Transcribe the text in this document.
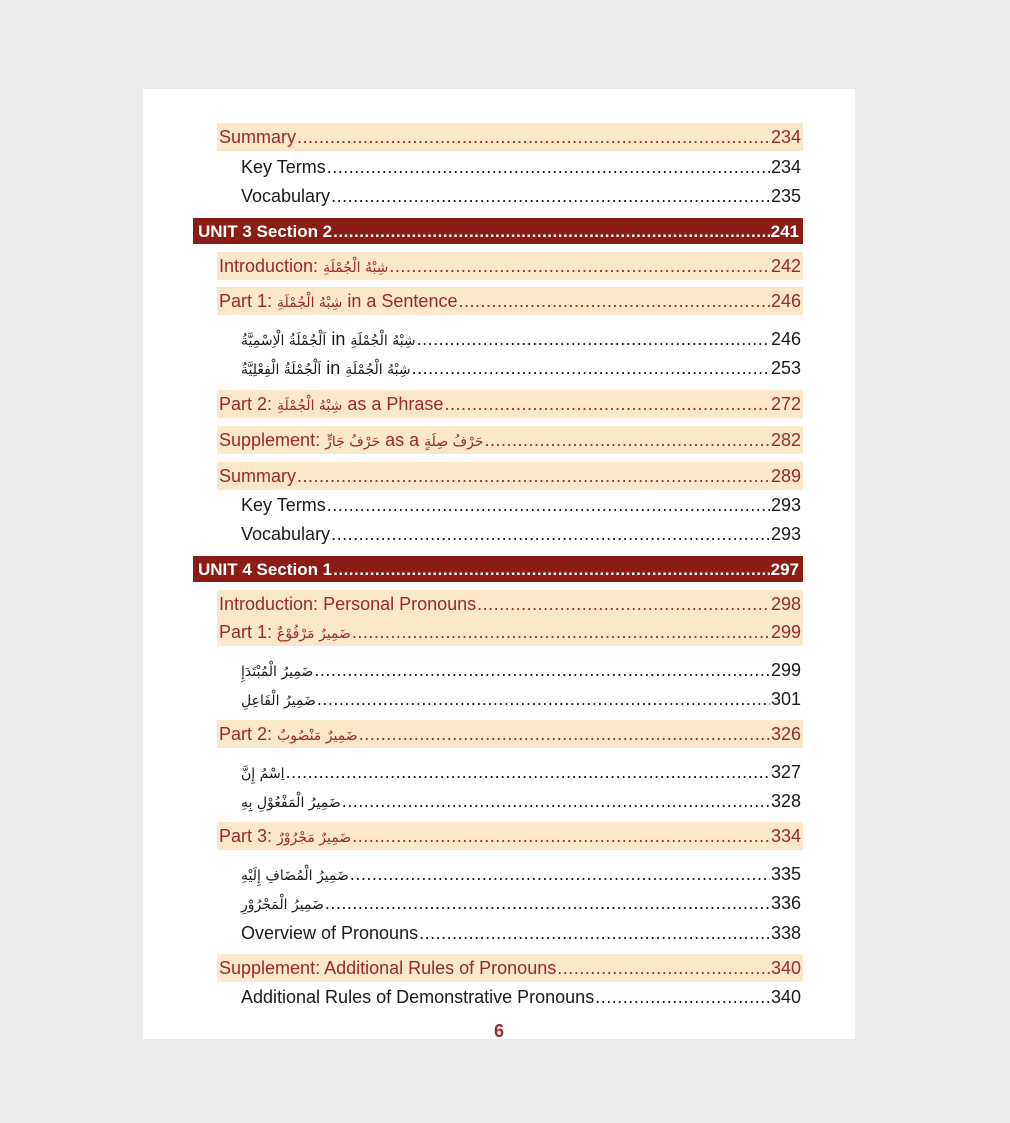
Summary .....	234
Key Terms .....	234
Vocabulary .....	235
UNIT 3 Section 2 .....	241
Introduction: شِبْهُ الْجُمْلَةِ .....	242
Part 1: شِبْهُ الْجُمْلَةِ in a Sentence .....	246
اَلْجُمْلَةُ الْاِسْمِيَّةُ in شِبْهُ الْجُمْلَةِ .....	246
اَلْجُمْلَةُ الْفِعْلِيَّةُ in شِبْهُ الْجُمْلَةِ .....	253
Part 2: شِبْهُ الْجُمْلَةِ as a Phrase .....	272
Supplement: حَرْفُ جَارٍّ as a حَرْفُ صِلَةٍ .....	282
Summary .....	289
Key Terms .....	293
Vocabulary .....	293
UNIT 4 Section 1 .....	297
Introduction: Personal Pronouns .....	298
Part 1: ضَمِيرٌ مَرْفُوْعٌ .....	299
ضَمِيرُ الْمُبْتَدَإِ .....	299
ضَمِيرُ الْفَاعِلِ .....	301
Part 2: ضَمِيرٌ مَنْصُوبٌ .....	326
اِسْمُ إِنَّ .....	327
ضَمِيرُ الْمَفْعُوْلِ بِهِ .....	328
Part 3: ضَمِيرٌ مَجْرُوْرٌ .....	334
ضَمِيرُ الْمُضَافِ إِلَيْهِ .....	335
ضَمِيرُ الْمَجْرُوْرِ .....	336
Overview of Pronouns .....	338
Supplement: Additional Rules of Pronouns .....	340
Additional Rules of Demonstrative Pronouns .....	340
6
